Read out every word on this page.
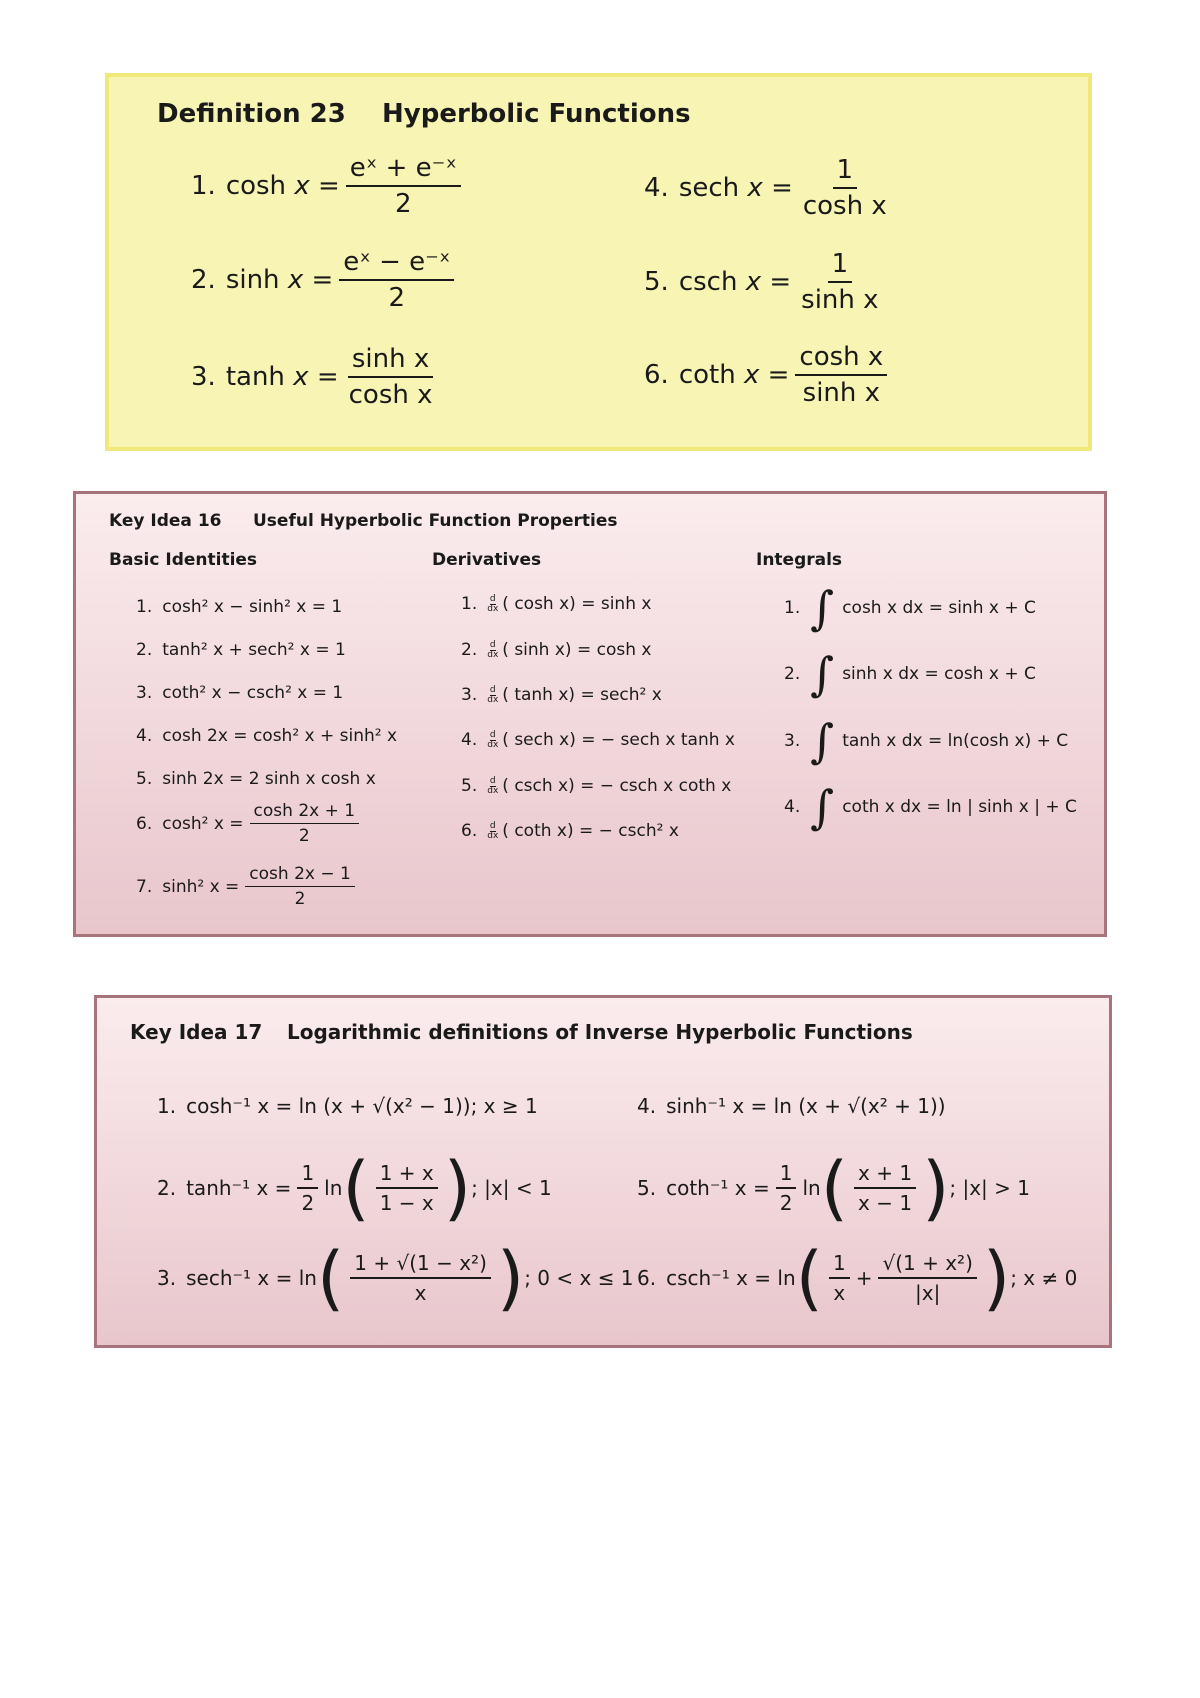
Definition 23 Hyperbolic Functions
1. cosh
x
= $\frac{\text{eˣ + e⁻ˣ}}{2}$
2. sinh
x
= $\frac{\text{eˣ − e⁻ˣ}}{2}$
3. tanh
x
= $\frac{\text{sinh x}}{\text{cosh x}}$
4. sech
x
= $\frac{1}{\text{cosh x}}$
5. csch
x
= $\frac{1}{\text{sinh x}}$
6. coth
x
= $\frac{\text{cosh x}}{\text{sinh x}}$
Key Idea 16 Useful Hyperbolic Function Properties
Basic Identities	Derivatives	Integrals
1. cosh² x − sinh² x = 1
2. tanh² x + sech² x = 1
3. coth² x − csch² x = 1
4. cosh 2x = cosh² x + sinh² x
5. sinh 2x = 2 sinh x cosh x
6. cosh² $x = \frac{\cosh 2x + 1}{2}$
7. sinh² $x = \frac{\cosh 2x - 1}{2}$
1. $\frac{d}{dx}$ ( cosh x)
= sinh x
2. $\frac{d}{dx}$ ( sinh x)
= cosh x
3. $\frac{d}{dx}$ ( tanh x)
= sech² x
4. $\frac{d}{dx}$ ( sech x)
= − sech x tanh x
5. $\frac{d}{dx}$ ( csch x)
= − csch x coth x
6. $\frac{d}{dx}$ ( coth x)
= − csch² x
1. ∫ cosh x dx = sinh x + C
2. ∫ sinh x dx = cosh x + C
3. ∫ tanh x dx = ln(cosh x) + C
4. ∫ coth x dx = ln | sinh x | + C
Key Idea 17 Logarithmic definitions of Inverse Hyperbolic Functions
1. cosh⁻¹ x = ln (x + √(x² − 1)); x ≥ 1	4. sinh⁻¹ x = ln (x + √(x² + 1))
2. tanh⁻¹ $x = \frac{1}{2}$ ln ( $\frac{1 + x}{1 - x}$ ) ; |x| < 1	5. coth⁻¹ $x = \frac{1}{2}$ ln ( $\frac{x + 1}{x - 1}$ ) ; |x| > 1
3. sech⁻¹ x = ln ( $\frac{\text{1 + √(1 − x²)}}{x}$ ) ; 0 < x ≤ 1 6. csch⁻¹ x = ln ( $\frac{1}{x} + \frac{\text{√(1 + x²)}}{|x|}$ ) ; x ≠ 0
